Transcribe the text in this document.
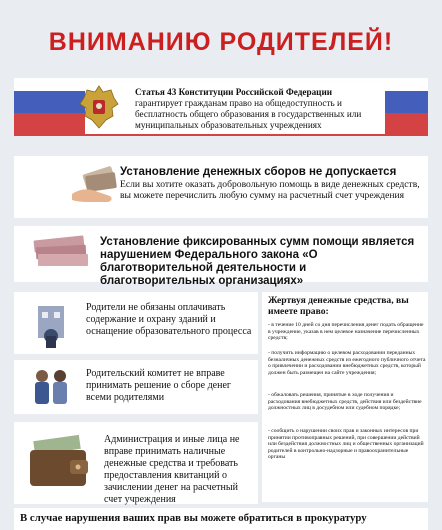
ВНИМАНИЮ РОДИТЕЛЕЙ!
Статья 43 Конституции Российской Федерации
гарантирует гражданам право на общедоступность и бесплатность общего образования в государственных или муниципальных образовательных учреждениях
Установление денежных сборов не допускается
Если вы хотите оказать добровольную помощь в виде денежных средств, вы можете перечислить любую сумму на расчетный счет учреждения
Установление фиксированных сумм помощи является нарушением Федерального закона «О благотворительной деятельности и благотворительных организациях»
Родители не обязаны оплачивать содержание и охрану зданий и оснащение образовательного процесса
Родительский комитет не вправе принимать решение о сборе денег всеми родителями
Администрация и иные лица не вправе принимать наличные денежные средства и требовать предоставления квитанций о зачислении денег на расчетный счет учреждения
Жертвуя денежные средства, вы имеете право:
- в течение 10 дней со дня перечисления денег подать обращение в учреждение, указав в нем целевое назначение перечисленных средств;
- получить информацию о целевом расходовании переданных безналичных денежных средств из ежегодного публичного отчета о привлечении и расходовании внебюджетных средств, который должен быть размещен на сайте учреждения;
- обжаловать решения, принятые в ходе получения и расходования внебюджетных средств, действия или бездействие должностных лиц в досудебном или судебном порядке;
- сообщить о нарушении своих прав и законных интересов при принятии противоправных решений, при совершении действий или бездействия должностных лиц и общественных организаций родителей в контрольно-надзорные и правоохранительные органы
В случае нарушения ваших прав вы можете обратиться в прокуратуру
